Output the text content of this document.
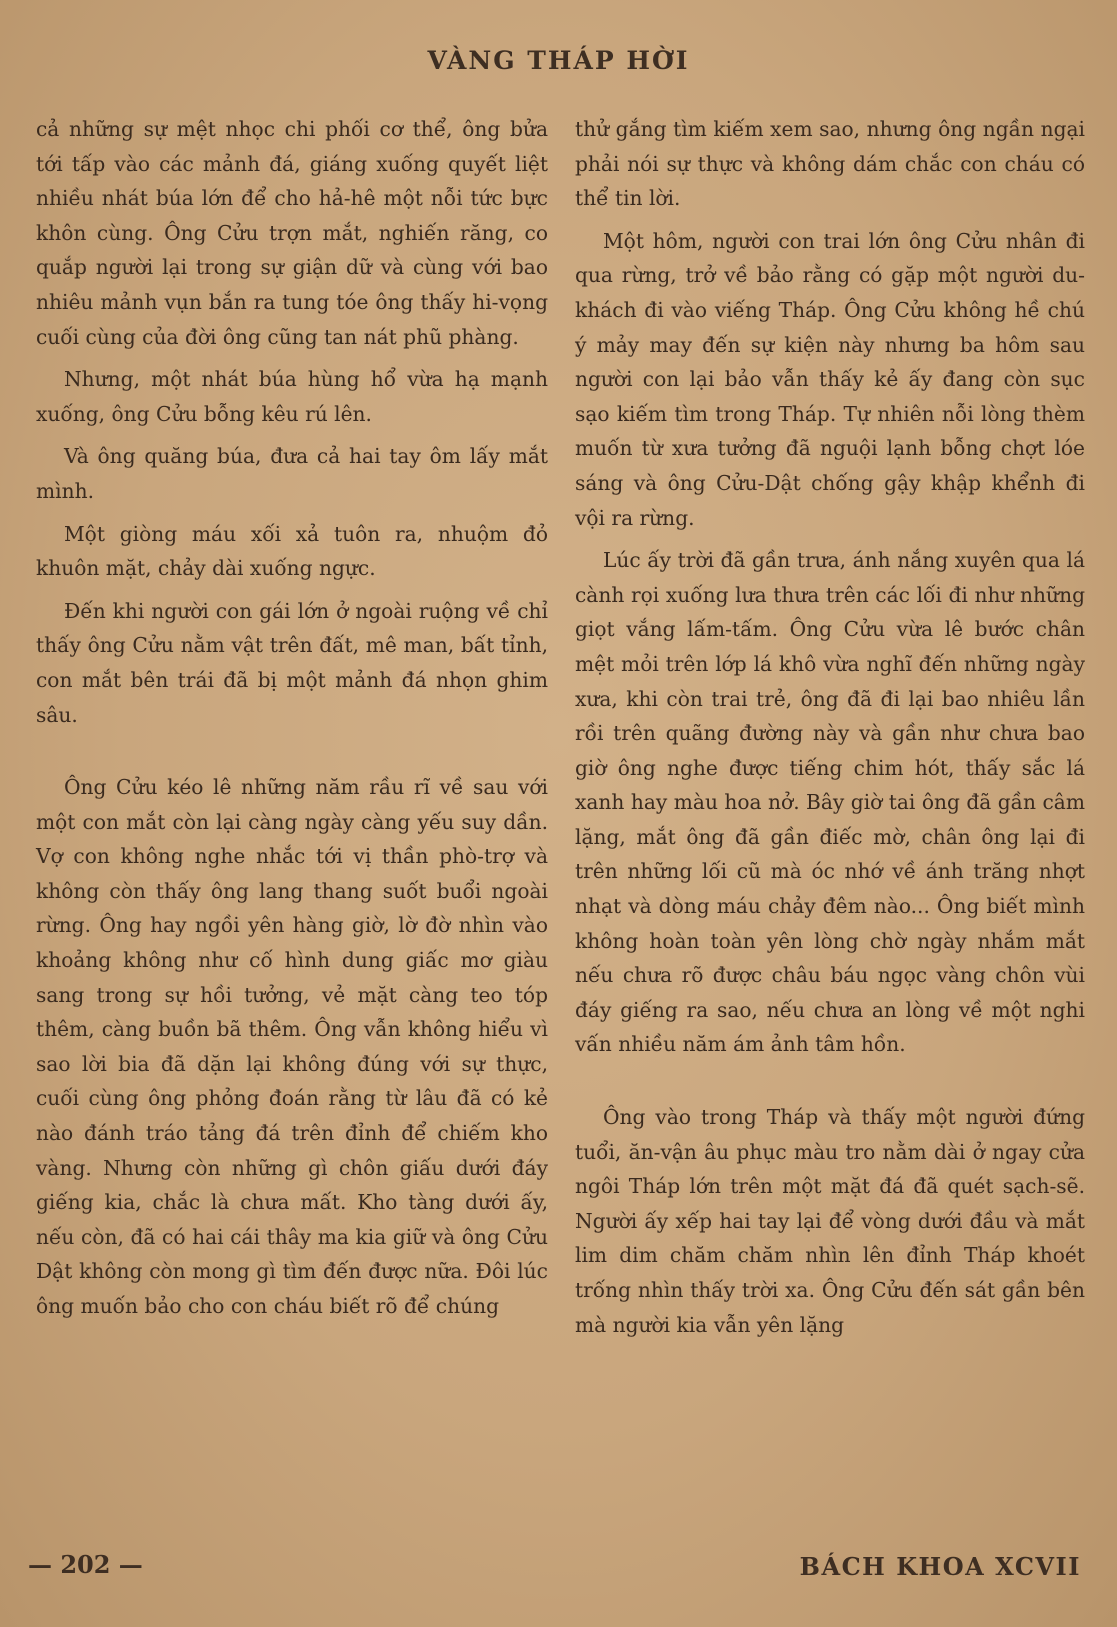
VÀNG THÁP HỜI

cả những sự mệt nhọc chi phối cơ thể, ông bửa tới tấp vào các mảnh đá, giáng xuống quyết liệt nhiều nhát búa lớn để cho hả-hê một nỗi tức bực khôn cùng. Ông Cửu trợn mắt, nghiến răng, co quắp người lại trong sự giận dữ và cùng với bao nhiêu mảnh vụn bắn ra tung tóe ông thấy hi-vọng cuối cùng của đời ông cũng tan nát phũ phàng.

Nhưng, một nhát búa hùng hổ vừa hạ mạnh xuống, ông Cửu bỗng kêu rú lên.

Và ông quăng búa, đưa cả hai tay ôm lấy mắt mình.

Một giòng máu xối xả tuôn ra, nhuộm đỏ khuôn mặt, chảy dài xuống ngực.

Đến khi người con gái lớn ở ngoài ruộng về chỉ thấy ông Cửu nằm vật trên đất, mê man, bất tỉnh, con mắt bên trái đã bị một mảnh đá nhọn ghim sâu.

Ông Cửu kéo lê những năm rầu rĩ về sau với một con mắt còn lại càng ngày càng yếu suy dần. Vợ con không nghe nhắc tới vị thần phò-trợ và không còn thấy ông lang thang suốt buổi ngoài rừng. Ông hay ngồi yên hàng giờ, lờ đờ nhìn vào khoảng không như cố hình dung giấc mơ giàu sang trong sự hồi tưởng, vẻ mặt càng teo tóp thêm, càng buồn bã thêm. Ông vẫn không hiểu vì sao lời bia đã dặn lại không đúng với sự thực, cuối cùng ông phỏng đoán rằng từ lâu đã có kẻ nào đánh tráo tảng đá trên đỉnh để chiếm kho vàng. Nhưng còn những gì chôn giấu dưới đáy giếng kia, chắc là chưa mất. Kho tàng dưới ấy, nếu còn, đã có hai cái thây ma kia giữ và ông Cửu Dật không còn mong gì tìm đến được nữa. Đôi lúc ông muốn bảo cho con cháu biết rõ để chúng

thử gắng tìm kiếm xem sao, nhưng ông ngần ngại phải nói sự thực và không dám chắc con cháu có thể tin lời.

Một hôm, người con trai lớn ông Cửu nhân đi qua rừng, trở về bảo rằng có gặp một người du-khách đi vào viếng Tháp. Ông Cửu không hề chú ý mảy may đến sự kiện này nhưng ba hôm sau người con lại bảo vẫn thấy kẻ ấy đang còn sục sạo kiếm tìm trong Tháp. Tự nhiên nỗi lòng thèm muốn từ xưa tưởng đã nguội lạnh bỗng chợt lóe sáng và ông Cửu-Dật chống gậy khập khểnh đi vội ra rừng.

Lúc ấy trời đã gần trưa, ánh nắng xuyên qua lá cành rọi xuống lưa thưa trên các lối đi như những giọt vắng lấm-tấm. Ông Cửu vừa lê bước chân mệt mỏi trên lớp lá khô vừa nghĩ đến những ngày xưa, khi còn trai trẻ, ông đã đi lại bao nhiêu lần rồi trên quãng đường này và gần như chưa bao giờ ông nghe được tiếng chim hót, thấy sắc lá xanh hay màu hoa nở. Bây giờ tai ông đã gần câm lặng, mắt ông đã gần điếc mờ, chân ông lại đi trên những lối cũ mà óc nhớ về ánh trăng nhợt nhạt và dòng máu chảy đêm nào... Ông biết mình không hoàn toàn yên lòng chờ ngày nhắm mắt nếu chưa rõ được châu báu ngọc vàng chôn vùi đáy giếng ra sao, nếu chưa an lòng về một nghi vấn nhiều năm ám ảnh tâm hồn.

Ông vào trong Tháp và thấy một người đứng tuổi, ăn-vận âu phục màu tro nằm dài ở ngay cửa ngôi Tháp lớn trên một mặt đá đã quét sạch-sẽ. Người ấy xếp hai tay lại để vòng dưới đầu và mắt lim dim chăm chăm nhìn lên đỉnh Tháp khoét trống nhìn thấy trời xa. Ông Cửu đến sát gần bên mà người kia vẫn yên lặng

— 202 —	BÁCH KHOA XCVII
